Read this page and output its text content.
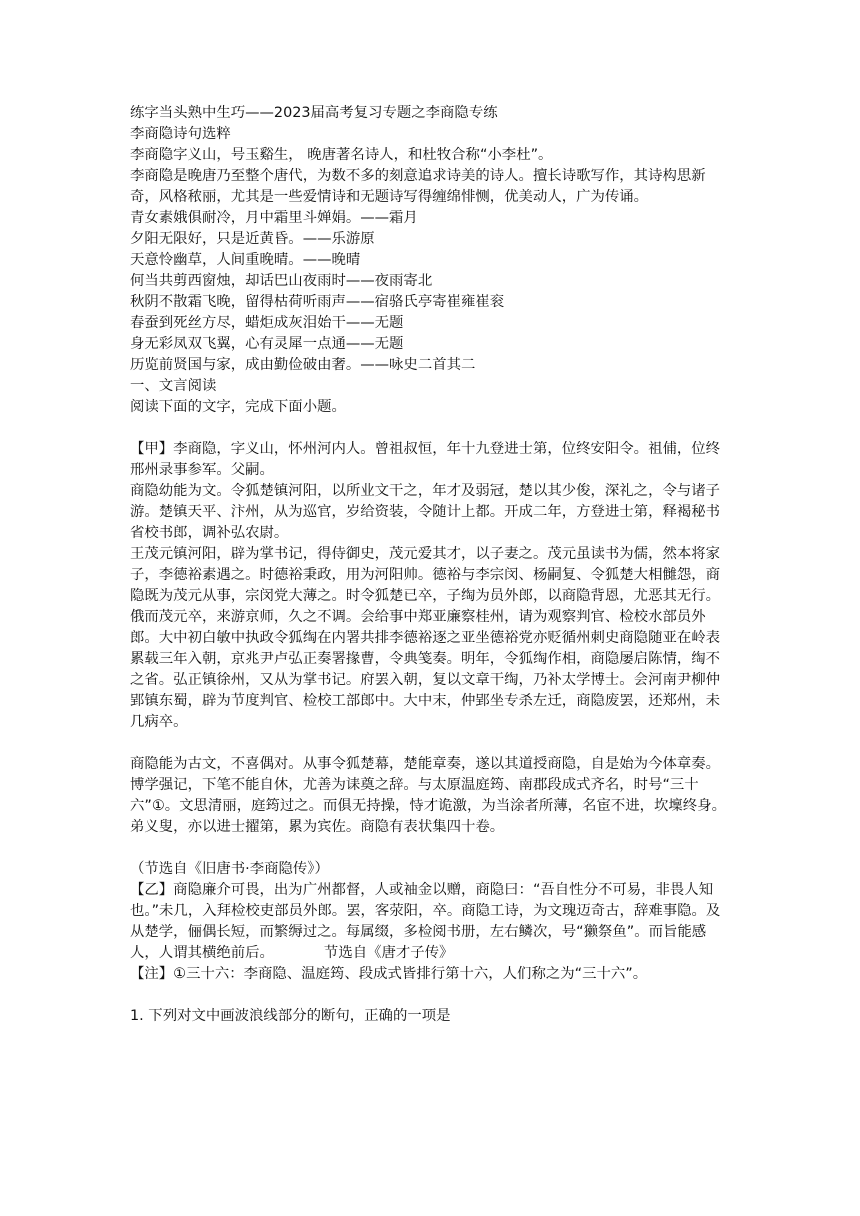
练字当头熟中生巧——2023届高考复习专题之李商隐专练

李商隐诗句选粹

李商隐字义山，号玉谿生， 晚唐著名诗人，和杜牧合称“小李杜”。

李商隐是晚唐乃至整个唐代，为数不多的刻意追求诗美的诗人。擅长诗歌写作，其诗构思新奇，风格秾丽，尤其是一些爱情诗和无题诗写得缠绵悱恻，优美动人，广为传诵。

青女素娥俱耐冷，月中霜里斗婵娟。——霜月

夕阳无限好，只是近黄昏。——乐游原

天意怜幽草，人间重晚晴。——晚晴

何当共剪西窗烛，却话巴山夜雨时——夜雨寄北

秋阴不散霜飞晚，留得枯荷听雨声——宿骆氏亭寄崔雍崔衮

春蚕到死丝方尽，蜡炬成灰泪始干——无题

身无彩凤双飞翼，心有灵犀一点通——无题

历览前贤国与家，成由勤俭破由奢。——咏史二首其二

一、文言阅读

阅读下面的文字，完成下面小题。

【甲】李商隐，字义山，怀州河内人。曾祖叔恒，年十九登进士第，位终安阳令。祖俌，位终邢州录事参军。父嗣。

商隐幼能为文。令狐楚镇河阳，以所业文干之，年才及弱冠，楚以其少俊，深礼之，令与诸子游。楚镇天平、汴州，从为巡官，岁给资装，令随计上都。开成二年，方登进士第，释褐秘书省校书郎，调补弘农尉。

王茂元镇河阳，辟为掌书记，得侍御史，茂元爱其才，以子妻之。茂元虽读书为儒，然本将家子，李德裕素遇之。时德裕秉政，用为河阳帅。德裕与李宗闵、杨嗣复、令狐楚大相雠怨，商隐既为茂元从事，宗闵党大薄之。时令狐楚已卒，子绹为员外郎，以商隐背恩，尤恶其无行。俄而茂元卒，来游京师，久之不调。会给事中郑亚廉察桂州，请为观察判官、检校水部员外郎。大中初白敏中执政令狐绹在内署共排李德裕逐之亚坐德裕党亦贬循州刺史商隐随亚在岭表累载三年入朝，京兆尹卢弘正奏署掾曹，令典笺奏。明年，令狐绹作相，商隐屡启陈情，绹不之省。弘正镇徐州，又从为掌书记。府罢入朝，复以文章干绹，乃补太学博士。会河南尹柳仲郢镇东蜀，辟为节度判官、检校工部郎中。大中末，仲郢坐专杀左迁，商隐废罢，还郑州，未几病卒。

商隐能为古文，不喜偶对。从事令狐楚幕，楚能章奏，遂以其道授商隐，自是始为今体章奏。博学强记，下笔不能自休，尤善为诔奠之辞。与太原温庭筠、南郡段成式齐名，时号“三十六”①。文思清丽，庭筠过之。而俱无持操，恃才诡激，为当涂者所薄，名宦不进，坎壈终身。弟义叟，亦以进士擢第，累为宾佐。商隐有表状集四十卷。

（节选自《旧唐书·李商隐传》）

【乙】商隐廉介可畏，出为广州都督，人或袖金以赠，商隐曰：“吾自性分不可易，非畏人知也。”未几，入拜检校吏部员外郎。罢，客荥阳，卒。商隐工诗，为文瑰迈奇古，辞难事隐。及从楚学，俪偶长短，而繁缛过之。每属缀，多检阅书册，左右鳞次，号“獭祭鱼”。而旨能感人，人谓其横绝前后。	节选自《唐才子传》

【注】①三十六：李商隐、温庭筠、段成式皆排行第十六，人们称之为“三十六”。

1. 下列对文中画波浪线部分的断句，正确的一项是
